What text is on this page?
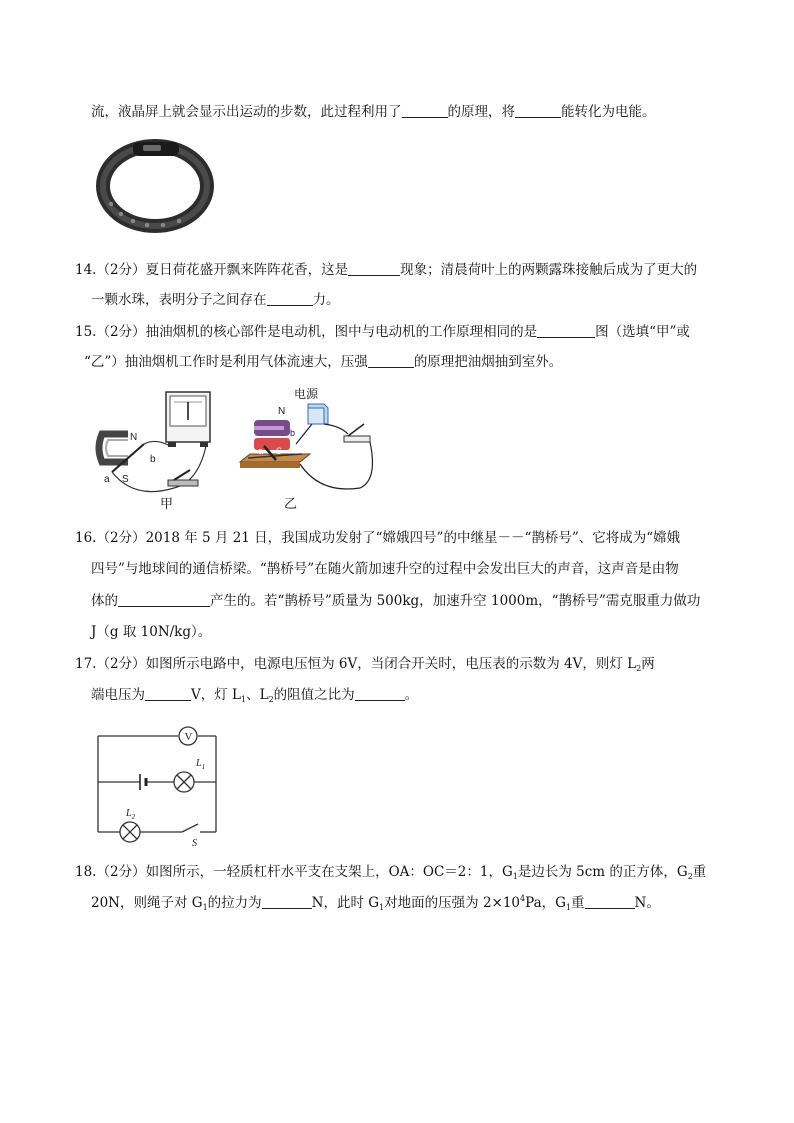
流，液晶屏上就会显示出运动的步数，此过程利用了	的原理，将	能转化为电能。
14.（2分）夏日荷花盛开飘来阵阵花香，这是	现象；清晨荷叶上的两颗露珠接触后成为了更大的
一颗水珠，表明分子之间存在	力。
15.（2分）抽油烟机的核心部件是电动机，图中与电动机的工作原理相同的是	图（选填“甲”或
“乙”）抽油烟机工作时是利用气体流速大，压强	的原理把油烟抽到室外。
N
S
a
b
甲
电源
N
b
a S
乙
16.（2分）2018 年 5 月 21 日，我国成功发射了“嫦娥四号”的中继星－－“鹊桥号”、它将成为“嫦娥
四号”与地球间的通信桥梁。“鹊桥号”在随火箭加速升空的过程中会发出巨大的声音，这声音是由物
体的	产生的。若“鹊桥号”质量为 500kg，加速升空 1000m，“鹊桥号”需克服重力做功
J（g 取 10N/kg）。
17.（2分）如图所示电路中，电源电压恒为 6V，当闭合开关时，电压表的示数为 4V，则灯 $L_2$两
端电压为	V，灯 $L_1$、$L_2$的阻值之比为	。
V
$L_1$
$L_2$
S
18.（2分）如图所示，一轻质杠杆水平支在支架上，OA：OC＝2：1，$G_1$是边长为 5cm 的正方体，$G_2$重
20N，则绳子对 $G_1$的拉力为	N，此时 $G_1$对地面的压强为 $2\times 10^4Pa$，$G_1$重	N。
